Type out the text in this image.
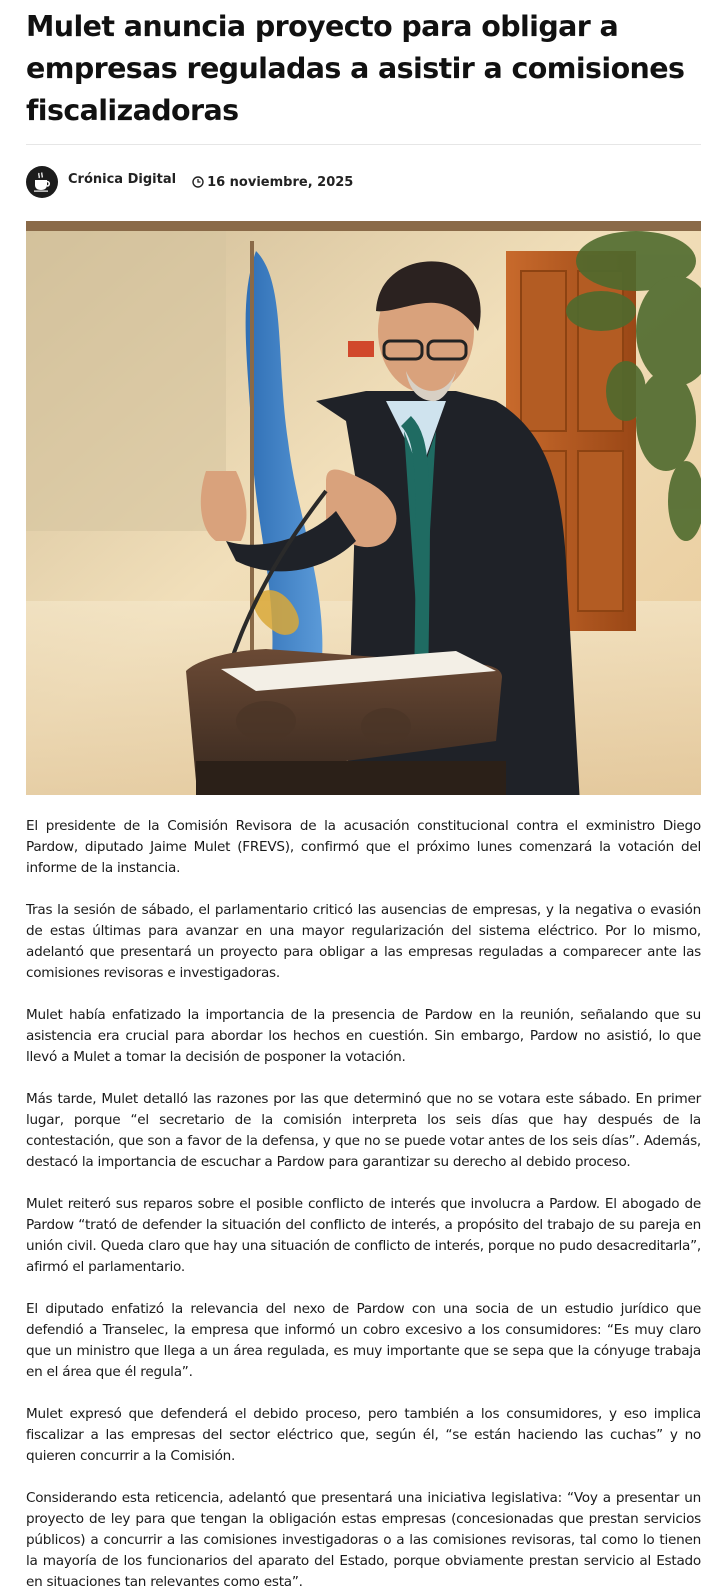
Mulet anuncia proyecto para obligar a empresas reguladas a asistir a comisiones fiscalizadoras
Crónica Digital 16 noviembre, 2025

El presidente de la Comisión Revisora de la acusación constitucional contra el exministro Diego Pardow, diputado Jaime Mulet (FREVS), confirmó que el próximo lunes comenzará la votación del informe de la instancia.

Tras la sesión de sábado, el parlamentario criticó las ausencias de empresas, y la negativa o evasión de estas últimas para avanzar en una mayor regularización del sistema eléctrico. Por lo mismo, adelantó que presentará un proyecto para obligar a las empresas reguladas a comparecer ante las comisiones revisoras e investigadoras.

Mulet había enfatizado la importancia de la presencia de Pardow en la reunión, señalando que su asistencia era crucial para abordar los hechos en cuestión. Sin embargo, Pardow no asistió, lo que llevó a Mulet a tomar la decisión de posponer la votación.

Más tarde, Mulet detalló las razones por las que determinó que no se votara este sábado. En primer lugar, porque “el secretario de la comisión interpreta los seis días que hay después de la contestación, que son a favor de la defensa, y que no se puede votar antes de los seis días”. Además, destacó la importancia de escuchar a Pardow para garantizar su derecho al debido proceso.

Mulet reiteró sus reparos sobre el posible conflicto de interés que involucra a Pardow. El abogado de Pardow “trató de defender la situación del conflicto de interés, a propósito del trabajo de su pareja en unión civil. Queda claro que hay una situación de conflicto de interés, porque no pudo desacreditarla”, afirmó el parlamentario.

El diputado enfatizó la relevancia del nexo de Pardow con una socia de un estudio jurídico que defendió a Transelec, la empresa que informó un cobro excesivo a los consumidores: “Es muy claro que un ministro que llega a un área regulada, es muy importante que se sepa que la cónyuge trabaja en el área que él regula”.

Mulet expresó que defenderá el debido proceso, pero también a los consumidores, y eso implica fiscalizar a las empresas del sector eléctrico que, según él, “se están haciendo las cuchas” y no quieren concurrir a la Comisión.

Considerando esta reticencia, adelantó que presentará una iniciativa legislativa: “Voy a presentar un proyecto de ley para que tengan la obligación estas empresas (concesionadas que prestan servicios públicos) a concurrir a las comisiones investigadoras o a las comisiones revisoras, tal como lo tienen la mayoría de los funcionarios del aparato del Estado, porque obviamente prestan servicio al Estado en situaciones tan relevantes como esta”.
